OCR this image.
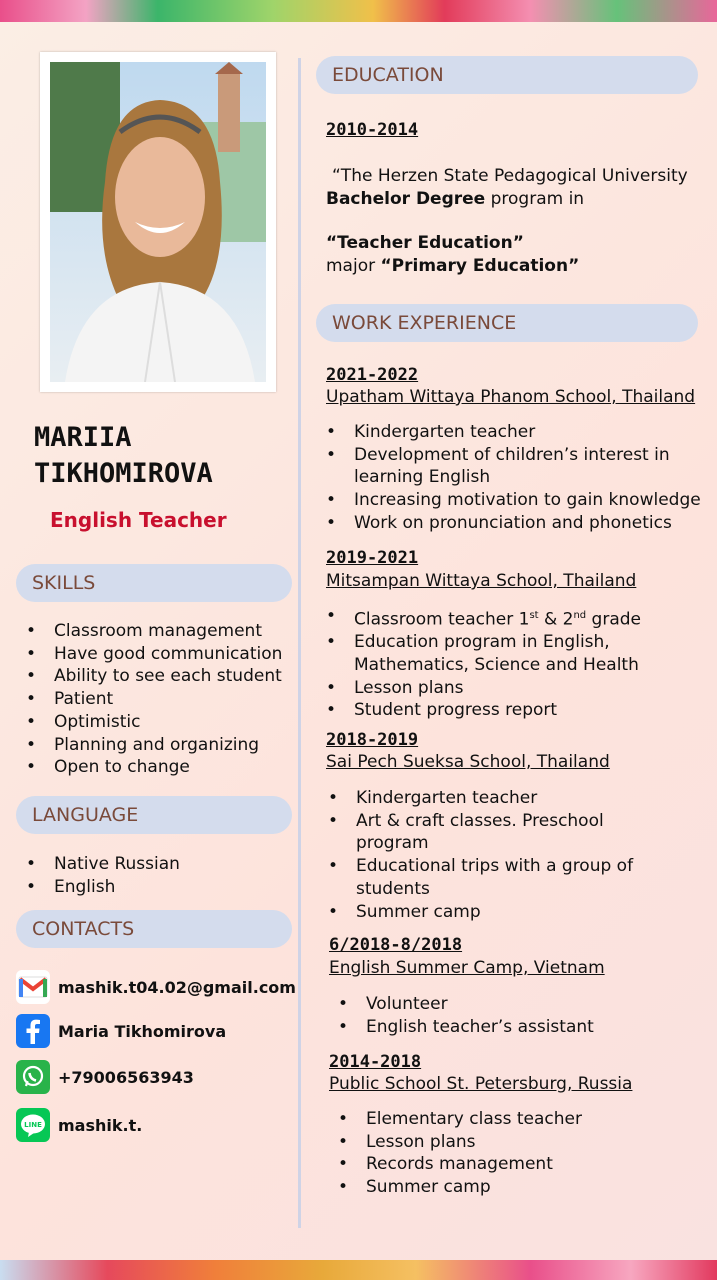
MARIIA TIKHOMIROVA
English Teacher
SKILLS
• Classroom management
• Have good communication
• Ability to see each student
• Patient
• Optimistic
• Planning and organizing
• Open to change
LANGUAGE
• Native Russian
• English
CONTACTS
mashik.t04.02@gmail.com
Maria Tikhomirova
+79006563943
LINE mashik.t.
EDUCATION
2010-2014
“The Herzen State Pedagogical University
Bachelor Degree program in
“Teacher Education”
major “Primary Education”
WORK EXPERIENCE
2021-2022
Upatham Wittaya Phanom School, Thailand
• Kindergarten teacher
• Development of children’s interest in learning English
• Increasing motivation to gain knowledge
• Work on pronunciation and phonetics
2019-2021
Mitsampan Wittaya School, Thailand
• Classroom teacher 1st & 2nd grade
• Education program in English, Mathematics, Science and Health
• Lesson plans
• Student progress report
2018-2019
Sai Pech Sueksa School, Thailand
• Kindergarten teacher
• Art & craft classes. Preschool program
• Educational trips with a group of students
• Summer camp
6/2018-8/2018
English Summer Camp, Vietnam
• Volunteer
• English teacher’s assistant
2014-2018
Public School St. Petersburg, Russia
• Elementary class teacher
• Lesson plans
• Records management
• Summer camp
